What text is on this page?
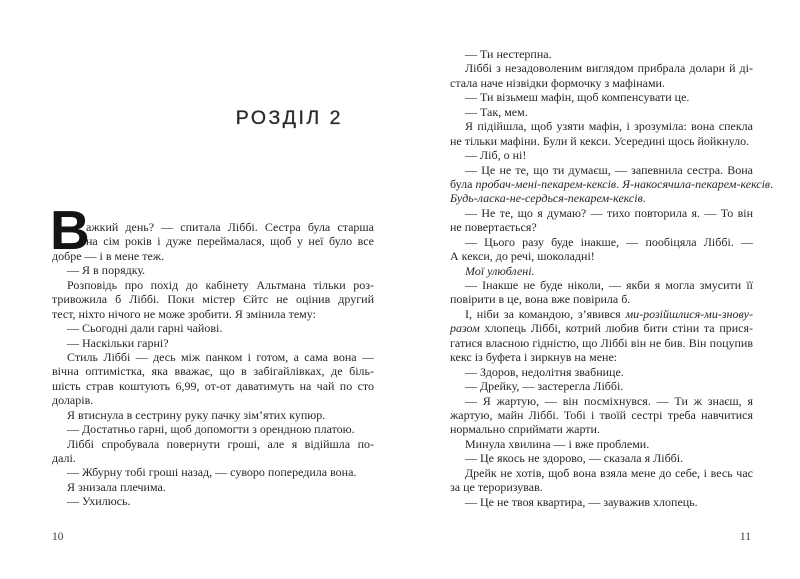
РОЗДІЛ 2
В
ажкий день? — спитала Ліббі. Сестра була старша
на сім років і дуже переймалася, щоб у неї було все
добре — і в мене теж.
— Я в порядку.
Розповідь про похід до кабінету Альтмана тільки роз-
тривожила б Ліббі. Поки містер Єйтс не оцінив другий
тест, ніхто нічого не може зробити. Я змінила тему:
— Сьогодні дали гарні чайові.
— Наскільки гарні?
Стиль Ліббі — десь між панком і готом, а сама вона —
вічна оптимістка, яка вважає, що в забігайлівках, де біль-
шість страв коштують 6,99, от-от даватимуть на чай по сто
доларів.
Я втиснула в сестрину руку пачку зім’ятих купюр.
— Достатньо гарні, щоб допомогти з орендною платою.
Ліббі спробувала повернути гроші, але я відійшла по-
далі.
— Жбурну тобі гроші назад, — суворо попередила вона.
Я знизала плечима.
— Ухилюсь.
10
— Ти нестерпна.
Ліббі з незадоволеним виглядом прибрала долари й ді-
стала наче нізвідки формочку з мафінами.
— Ти візьмеш мафін, щоб компенсувати це.
— Так, мем.
Я підійшла, щоб узяти мафін, і зрозуміла: вона спекла
не тільки мафіни. Були й кекси. Усередині щось йойкнуло.
— Ліб, о ні!
— Це не те, що ти думаєш, — запевнила сестра. Вона
була пробач-мені-пекарем-кексів. Я-накосячила-пекарем-кексів.
Будь-ласка-не-сердься-пекарем-кексів.
— Не те, що я думаю? — тихо повторила я. — То він
не повертається?
— Цього разу буде інакше, — пообіцяла Ліббі. —
А кекси, до речі, шоколадні!
Мої улюблені.
— Інакше не буде ніколи, — якби я могла змусити її
повірити в це, вона вже повірила б.
І, ніби за командою, з’явився ми-розійшлися-ми-знову-
разом хлопець Ліббі, котрий любив бити стіни та прися-
гатися власною гідністю, що Ліббі він не бив. Він поцупив
кекс із буфета і зиркнув на мене:
— Здоров, недолітня звабнице.
— Дрейку, — застерегла Ліббі.
— Я жартую, — він посміхнувся. — Ти ж знаєш, я
жартую, майн Ліббі. Тобі і твоїй сестрі треба навчитися
нормально сприймати жарти.
Минула хвилина — і вже проблеми.
— Це якось не здорово, — сказала я Ліббі.
Дрейк не хотів, щоб вона взяла мене до себе, і весь час
за це тероризував.
— Це не твоя квартира, — зауважив хлопець.
11
